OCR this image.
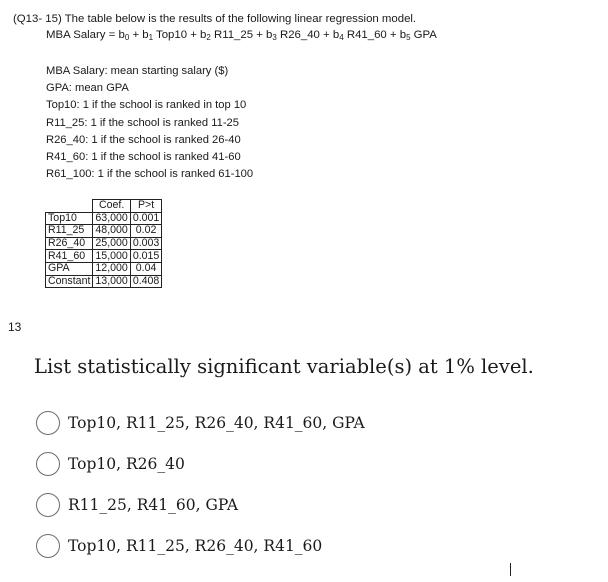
(Q13- 15) The table below is the results of the following linear regression model.
MBA Salary = $b_0 + b_1$ $Top10 + b_2$ R11_25 + $b_3$ R26_40 + $b_4$ R41_60 + $b_5$ GPA
MBA Salary: mean starting salary ($)
GPA: mean GPA
Top10: 1 if the school is ranked in top 10
R11_25: 1 if the school is ranked 11-25
R26_40: 1 if the school is ranked 26-40
R41_60: 1 if the school is ranked 41-60
R61_100: 1 if the school is ranked 61-100
	Coef.	P>t
Top10	63,000	0.001
R11_25	48,000	0.02
R26_40	25,000	0.003
R41_60	15,000	0.015
GPA	12,000	0.04
Constant	13,000	0.408
13
List statistically significant variable(s) at 1% level.
Top10, R11_25, R26_40, R41_60, GPA
Top10, R26_40
R11_25, R41_60, GPA
Top10, R11_25, R26_40, R41_60
